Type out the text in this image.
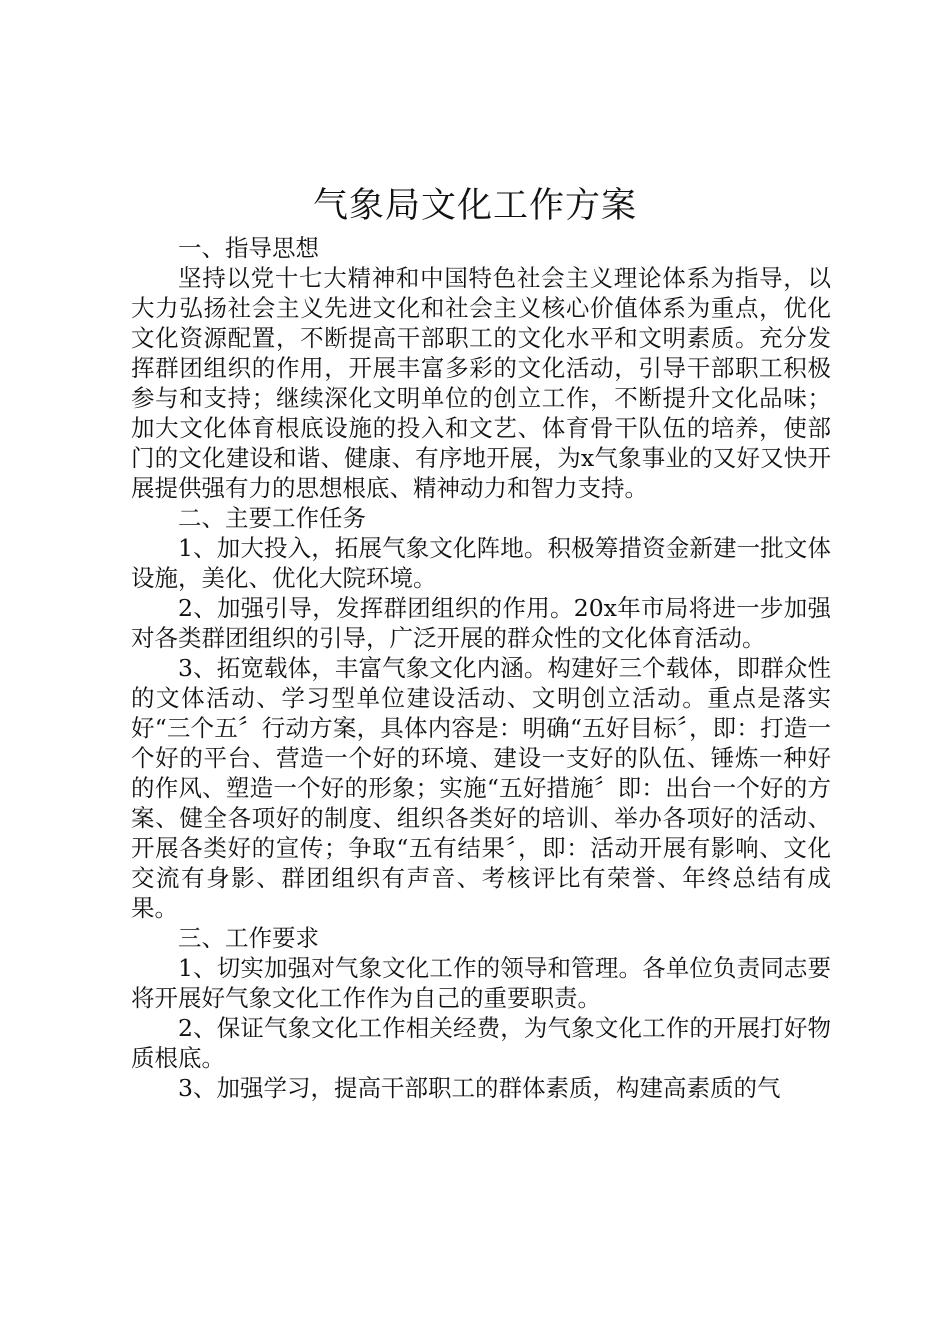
气象局文化工作方案

一、指导思想

坚持以党十七大精神和中国特色社会主义理论体系为指导，以大力弘扬社会主义先进文化和社会主义核心价值体系为重点，优化文化资源配置，不断提高干部职工的文化水平和文明素质。充分发挥群团组织的作用，开展丰富多彩的文化活动，引导干部职工积极参与和支持；继续深化文明单位的创立工作，不断提升文化品味；加大文化体育根底设施的投入和文艺、体育骨干队伍的培养，使部门的文化建设和谐、健康、有序地开展，为x气象事业的又好又快开展提供强有力的思想根底、精神动力和智力支持。

二、主要工作任务

1、加大投入，拓展气象文化阵地。积极筹措资金新建一批文体设施，美化、优化大院环境。

2、加强引导，发挥群团组织的作用。20x年市局将进一步加强对各类群团组织的引导，广泛开展的群众性的文化体育活动。

3、拓宽载体，丰富气象文化内涵。构建好三个载体，即群众性的文体活动、学习型单位建设活动、文明创立活动。重点是落实好“三个五〞行动方案，具体内容是：明确“五好目标〞，即：打造一个好的平台、营造一个好的环境、建设一支好的队伍、锤炼一种好的作风、塑造一个好的形象；实施“五好措施〞即：出台一个好的方案、健全各项好的制度、组织各类好的培训、举办各项好的活动、开展各类好的宣传；争取“五有结果〞，即：活动开展有影响、文化交流有身影、群团组织有声音、考核评比有荣誉、年终总结有成果。

三、工作要求

1、切实加强对气象文化工作的领导和管理。各单位负责同志要将开展好气象文化工作作为自己的重要职责。

2、保证气象文化工作相关经费，为气象文化工作的开展打好物质根底。

3、加强学习，提高干部职工的群体素质，构建高素质的气
